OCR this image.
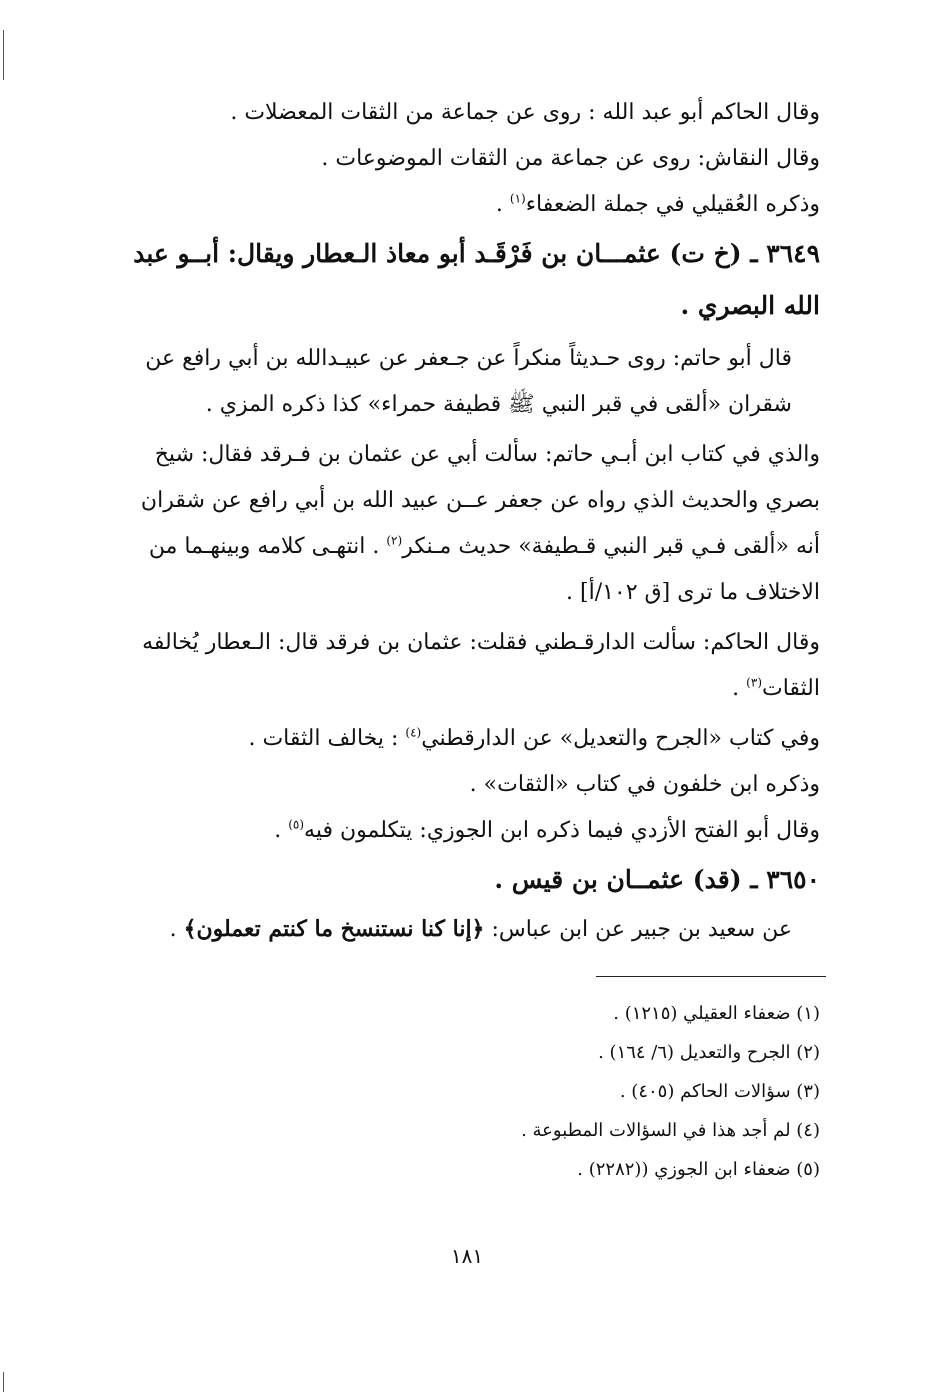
وقال الحاكم أبو عبد الله : روى عن جماعة من الثقات المعضلات .

وقال النقاش: روى عن جماعة من الثقات الموضوعات .

وذكره العُقيلي في جملة الضعفاء$^{(١)}$ .

٣٦٤٩ ـ (خ ت) عثمـــان بن فَرْقَـد أبو معاذ الـعطار ويقال: أبــو عبد الله البصري .

قال أبو حاتم: روى حـديثاً منكراً عن جـعفر عن عبيـدالله بن أبي رافع عن شقران «ألقى في قبر النبي ﷺ قطيفة حمراء» كذا ذكره المزي .

والذي في كتاب ابن أبـي حاتم: سألت أبي عن عثمان بن فـرقد فقال: شيخ بصري والحديث الذي رواه عن جعفر عــن عبيد الله بن أبي رافع عن شقران أنه «ألقى فـي قبر النبي قـطيفة» حديث مـنكر$^{(٢)}$ . انتهـى كلامه وبينهـما من الاختلاف ما ترى [ق ١٠٢/أ] .

وقال الحاكم: سألت الدارقـطني فقلت: عثمان بن فرقد قال: الـعطار يُخالفه الثقات$^{(٣)}$ .

وفي كتاب «الجرح والتعديل» عن الدارقطني$^{(٤)}$ : يخالف الثقات .

وذكره ابن خلفون في كتاب «الثقات» .

وقال أبو الفتح الأزدي فيما ذكره ابن الجوزي: يتكلمون فيه$^{(٥)}$ .

٣٦٥٠ ـ (قد) عثمــان بن قيس .

عن سعيد بن جبير عن ابن عباس: ﴿إنا كنا نستنسخ ما كنتم تعملون﴾ .

(١) ضعفاء العقيلي (١٢١٥) .

(٢) الجرح والتعديل (٦/ ١٦٤) .

(٣) سؤالات الحاكم (٤٠٥) .

(٤) لم أجد هذا في السؤالات المطبوعة .

(٥) ضعفاء ابن الجوزي ((٢٢٨٢) .

١٨١
